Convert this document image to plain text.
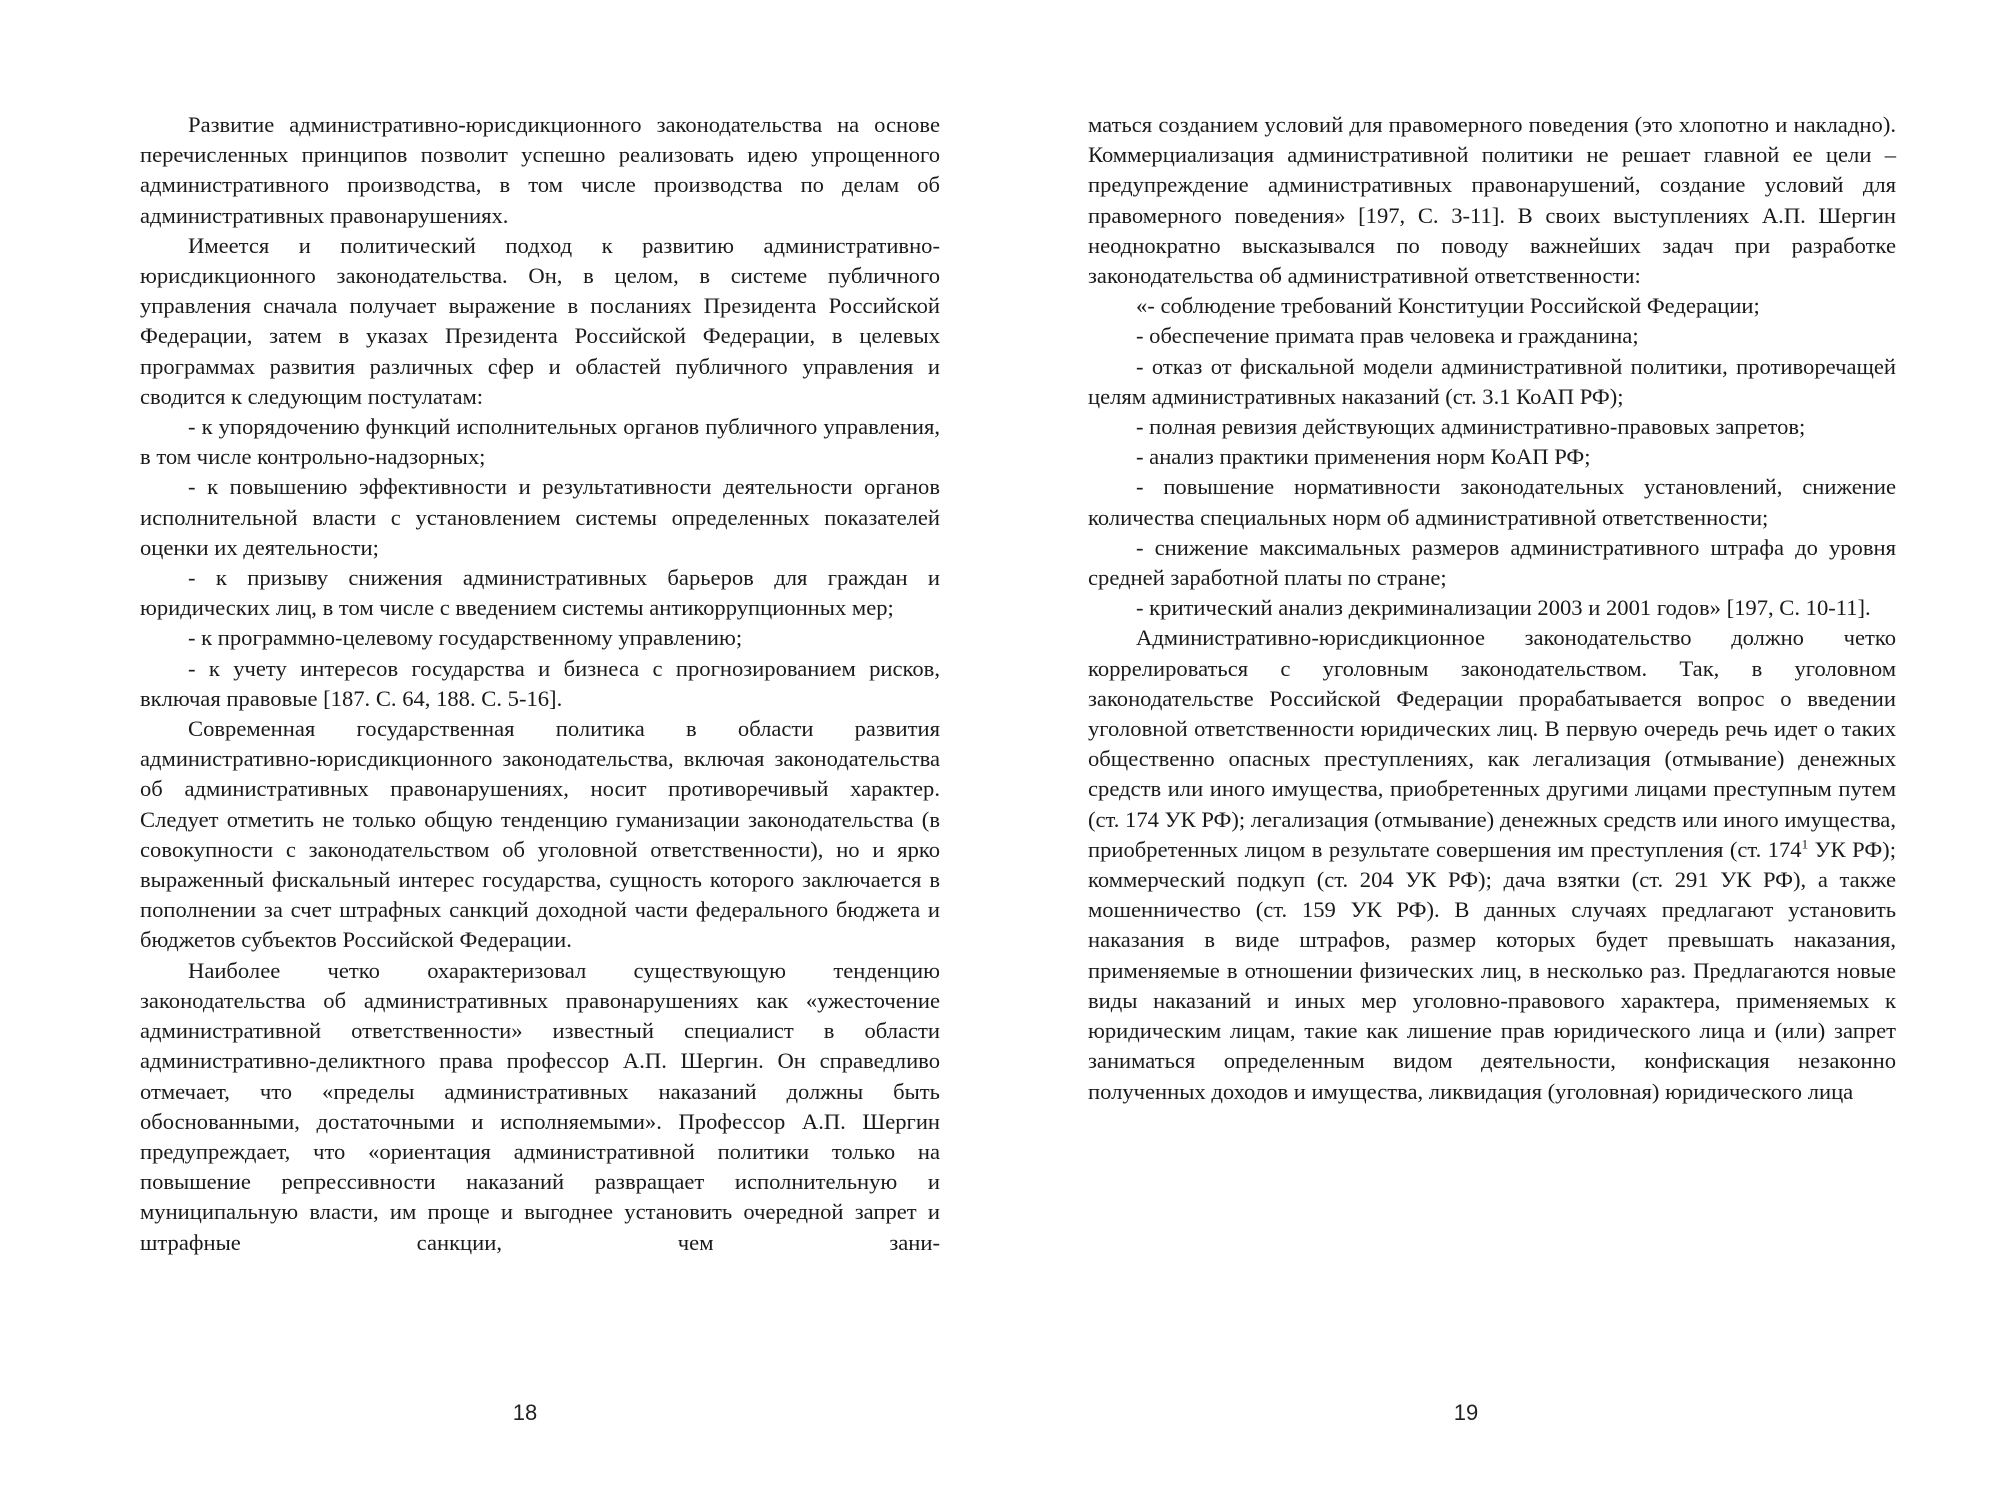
Развитие административно-юрисдикционного законодательства на основе перечисленных принципов позволит успешно реализовать идею упрощенного административного производства, в том числе производства по делам об административных правонарушениях.

Имеется и политический подход к развитию административно-юрисдикционного законодательства. Он, в целом, в системе публичного управления сначала получает выражение в посланиях Президента Российской Федерации, затем в указах Президента Российской Федерации, в целевых программах развития различных сфер и областей публичного управления и сводится к следующим постулатам:

- к упорядочению функций исполнительных органов публичного управления, в том числе контрольно-надзорных;

- к повышению эффективности и результативности деятельности органов исполнительной власти с установлением системы определенных показателей оценки их деятельности;

- к призыву снижения административных барьеров для граждан и юридических лиц, в том числе с введением системы антикоррупционных мер;

- к программно-целевому государственному управлению;

- к учету интересов государства и бизнеса с прогнозированием рисков, включая правовые [187. С. 64, 188. С. 5-16].

Современная государственная политика в области развития административно-юрисдикционного законодательства, включая законодательства об административных правонарушениях, носит противоречивый характер. Следует отметить не только общую тенденцию гуманизации законодательства (в совокупности с законодательством об уголовной ответственности), но и ярко выраженный фискальный интерес государства, сущность которого заключается в пополнении за счет штрафных санкций доходной части федерального бюджета и бюджетов субъектов Российской Федерации.

Наиболее четко охарактеризовал существующую тенденцию законодательства об административных правонарушениях как «ужесточение административной ответственности» известный специалист в области административно-деликтного права профессор А.П. Шергин. Он справедливо отмечает, что «пределы административных наказаний должны быть обоснованными, достаточными и исполняемыми». Профессор А.П. Шергин предупреждает, что «ориентация административной политики только на повышение репрессивности наказаний развращает исполнительную и муниципальную власти, им проще и выгоднее установить очередной запрет и штрафные санкции, чем зани-

маться созданием условий для правомерного поведения (это хлопотно и накладно). Коммерциализация административной политики не решает главной ее цели – предупреждение административных правонарушений, создание условий для правомерного поведения» [197, С. 3-11]. В своих выступлениях А.П. Шергин неоднократно высказывался по поводу важнейших задач при разработке законодательства об административной ответственности:

«- соблюдение требований Конституции Российской Федерации;

- обеспечение примата прав человека и гражданина;

- отказ от фискальной модели административной политики, противоречащей целям административных наказаний (ст. 3.1 КоАП РФ);

- полная ревизия действующих административно-правовых запретов;

- анализ практики применения норм КоАП РФ;

- повышение нормативности законодательных установлений, снижение количества специальных норм об административной ответственности;

- снижение максимальных размеров административного штрафа до уровня средней заработной платы по стране;

- критический анализ декриминализации 2003 и 2001 годов» [197, С. 10-11].

Административно-юрисдикционное законодательство должно четко коррелироваться с уголовным законодательством. Так, в уголовном законодательстве Российской Федерации прорабатывается вопрос о введении уголовной ответственности юридических лиц. В первую очередь речь идет о таких общественно опасных преступлениях, как легализация (отмывание) денежных средств или иного имущества, приобретенных другими лицами преступным путем (ст. 174 УК РФ); легализация (отмывание) денежных средств или иного имущества, приобретенных лицом в результате совершения им преступления (ст. $174^1$ УК РФ); коммерческий подкуп (ст. 204 УК РФ); дача взятки (ст. 291 УК РФ), а также мошенничество (ст. 159 УК РФ). В данных случаях предлагают установить наказания в виде штрафов, размер которых будет превышать наказания, применяемые в отношении физических лиц, в несколько раз. Предлагаются новые виды наказаний и иных мер уголовно-правового характера, применяемых к юридическим лицам, такие как лишение прав юридического лица и (или) запрет заниматься определенным видом деятельности, конфискация незаконно полученных доходов и имущества, ликвидация (уголовная) юридического лица

18	19
